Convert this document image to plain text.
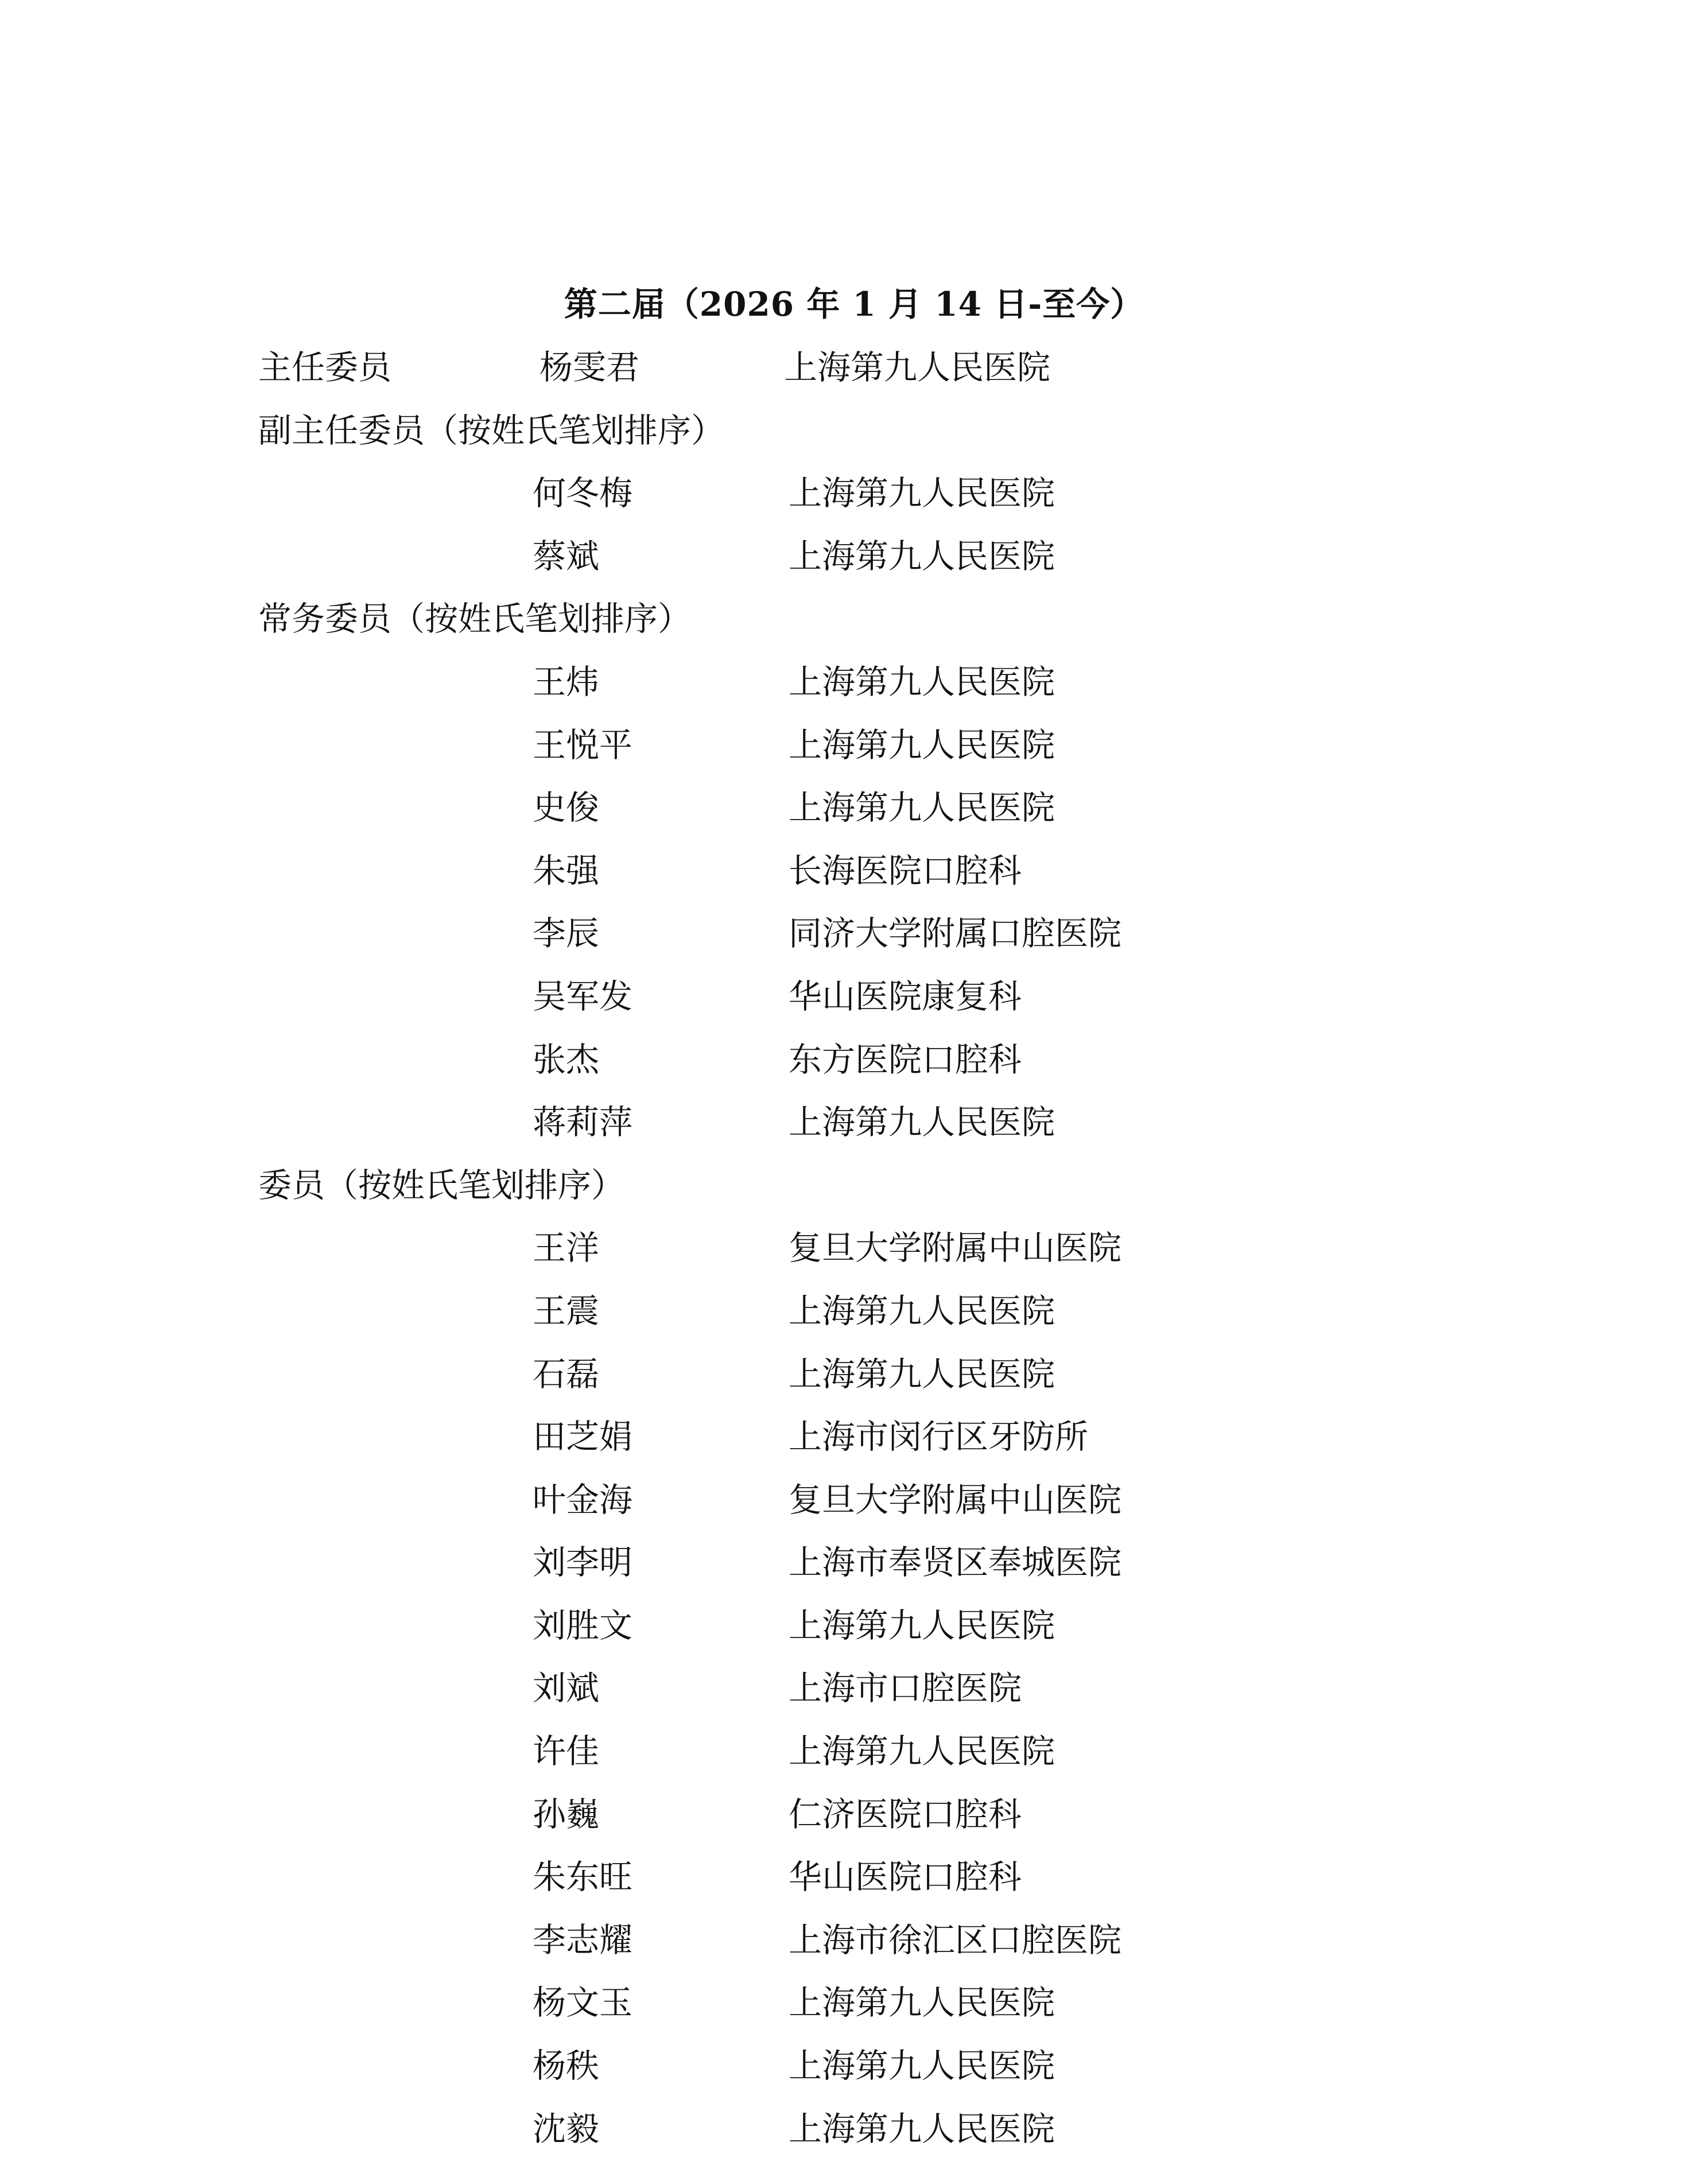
第二届（2026 年 1 月 14 日-至今）
主任委员	杨雯君	上海第九人民医院
副主任委员（按姓氏笔划排序）
何冬梅	上海第九人民医院
蔡斌	上海第九人民医院
常务委员（按姓氏笔划排序）
王炜	上海第九人民医院
王悦平	上海第九人民医院
史俊	上海第九人民医院
朱强	长海医院口腔科
李辰	同济大学附属口腔医院
吴军发	华山医院康复科
张杰	东方医院口腔科
蒋莉萍	上海第九人民医院
委员（按姓氏笔划排序）
王洋	复旦大学附属中山医院
王震	上海第九人民医院
石磊	上海第九人民医院
田芝娟	上海市闵行区牙防所
叶金海	复旦大学附属中山医院
刘李明	上海市奉贤区奉城医院
刘胜文	上海第九人民医院
刘斌	上海市口腔医院
许佳	上海第九人民医院
孙巍	仁济医院口腔科
朱东旺	华山医院口腔科
李志耀	上海市徐汇区口腔医院
杨文玉	上海第九人民医院
杨秩	上海第九人民医院
沈毅	上海第九人民医院
